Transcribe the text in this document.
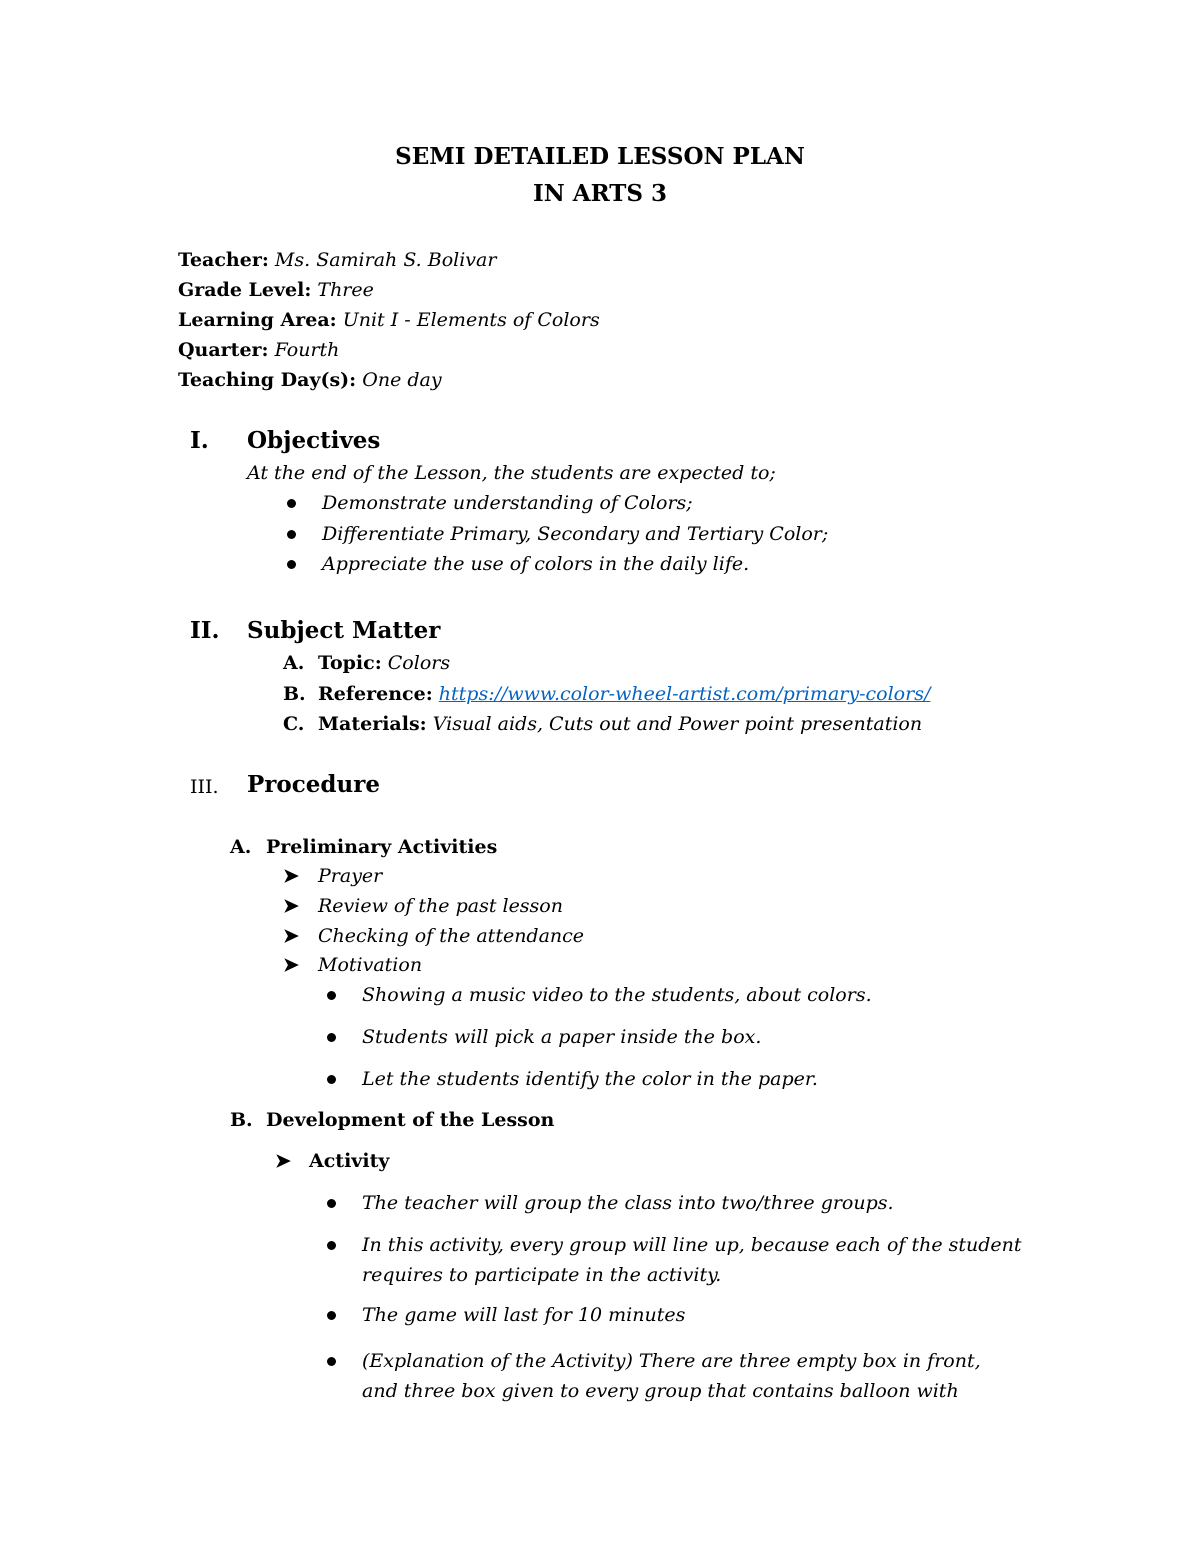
SEMI DETAILED LESSON PLAN
IN ARTS 3
Teacher: Ms. Samirah S. Bolivar
Grade Level: Three
Learning Area: Unit I - Elements of Colors
Quarter: Fourth
Teaching Day(s): One day
I. Objectives
At the end of the Lesson, the students are expected to;
Demonstrate understanding of Colors;
Differentiate Primary, Secondary and Tertiary Color;
Appreciate the use of colors in the daily life.
II. Subject Matter
A. Topic: Colors
B. Reference: https://www.color-wheel-artist.com/primary-colors/
C. Materials: Visual aids, Cuts out and Power point presentation
III. Procedure
A. Preliminary Activities
➤ Prayer
➤ Review of the past lesson
➤ Checking of the attendance
➤ Motivation
Showing a music video to the students, about colors.
Students will pick a paper inside the box.
Let the students identify the color in the paper.
B. Development of the Lesson
➤ Activity
The teacher will group the class into two/three groups.
In this activity, every group will line up, because each of the student
requires to participate in the activity.
The game will last for 10 minutes
(Explanation of the Activity) There are three empty box in front,
and three box given to every group that contains balloon with
